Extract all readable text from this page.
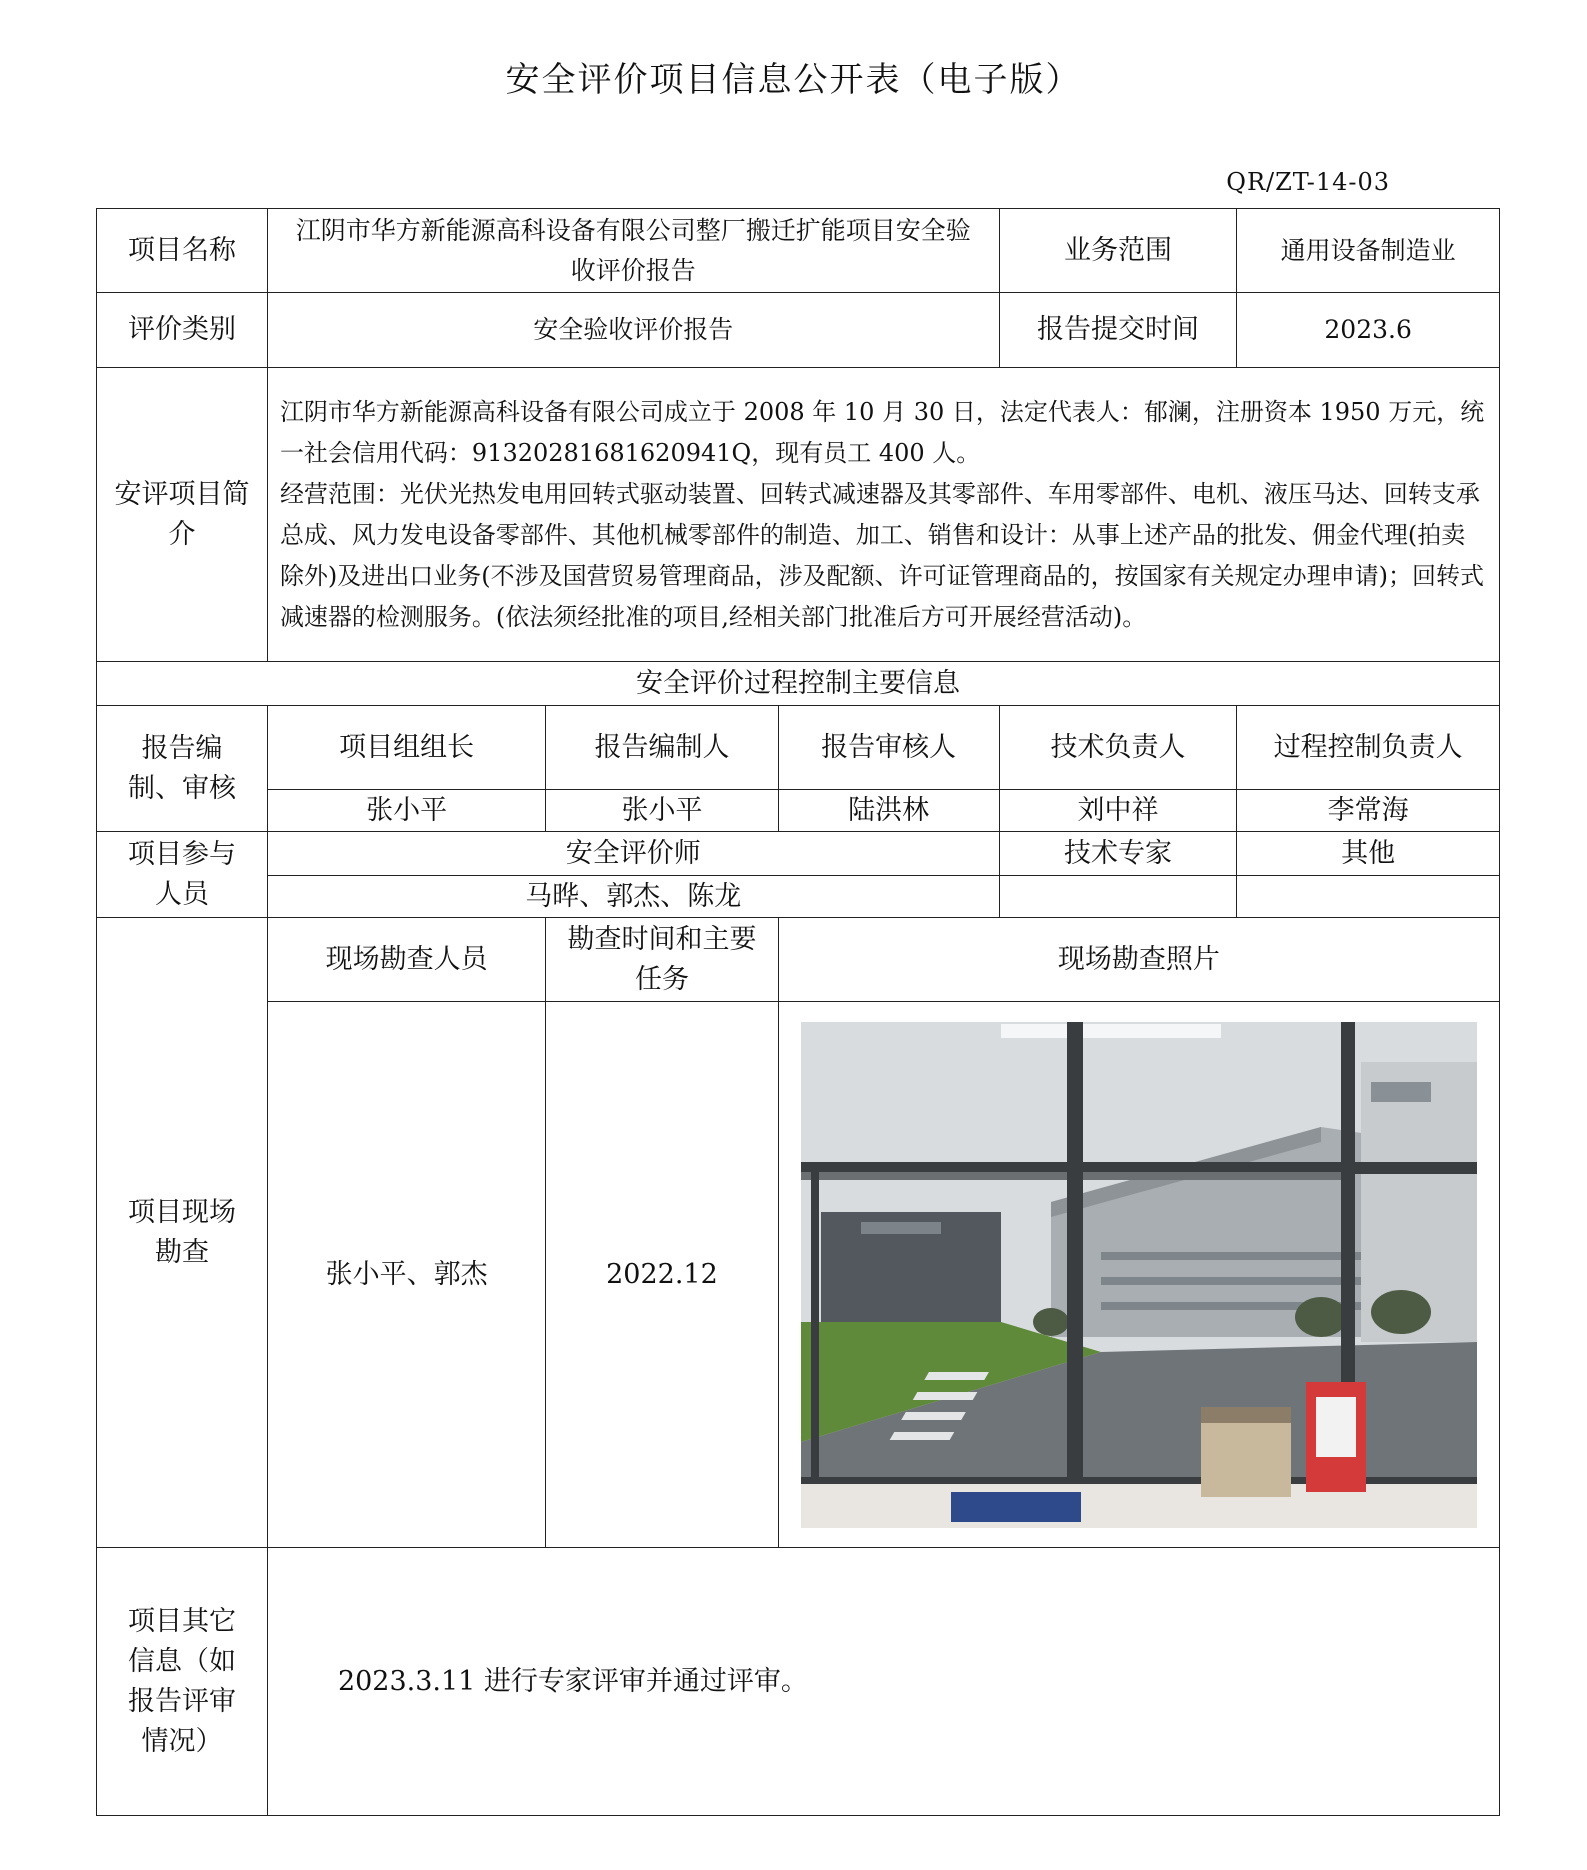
安全评价项目信息公开表（电子版）
QR/ZT-14-03
项目名称	江阴市华方新能源高科设备有限公司整厂搬迁扩能项目安全验收评价报告			业务范围	通用设备制造业
评价类别	安全验收评价报告			报告提交时间	2023.6
安评项目简介	江阴市华方新能源高科设备有限公司成立于 2008 年 10 月 30 日，法定代表人：郁澜，注册资本 1950 万元，统一社会信用代码：91320281681620941Q，现有员工 400 人。
经营范围：光伏光热发电用回转式驱动装置、回转式减速器及其零部件、车用零部件、电机、液压马达、回转支承总成、风力发电设备零部件、其他机械零部件的制造、加工、销售和设计：从事上述产品的批发、佣金代理(拍卖除外)及进出口业务(不涉及国营贸易管理商品，涉及配额、许可证管理商品的，按国家有关规定办理申请)；回转式减速器的检测服务。(依法须经批准的项目,经相关部门批准后方可开展经营活动)。				

安全评价过程控制主要信息					
报告编制、审核	项目组组长	报告编制人	报告审核人	技术负责人	过程控制负责人
	张小平	张小平	陆洪林	刘中祥	李常海
项目参与人员	安全评价师			技术专家	其他
	马晔、郭杰、陈龙				
项目现场勘查	现场勘查人员	勘查时间和主要任务	现场勘查照片		
	张小平、郭杰	2022.12	

项目其它信息（如报告评审情况）	2023.3.11 进行专家评审并通过评审。				
